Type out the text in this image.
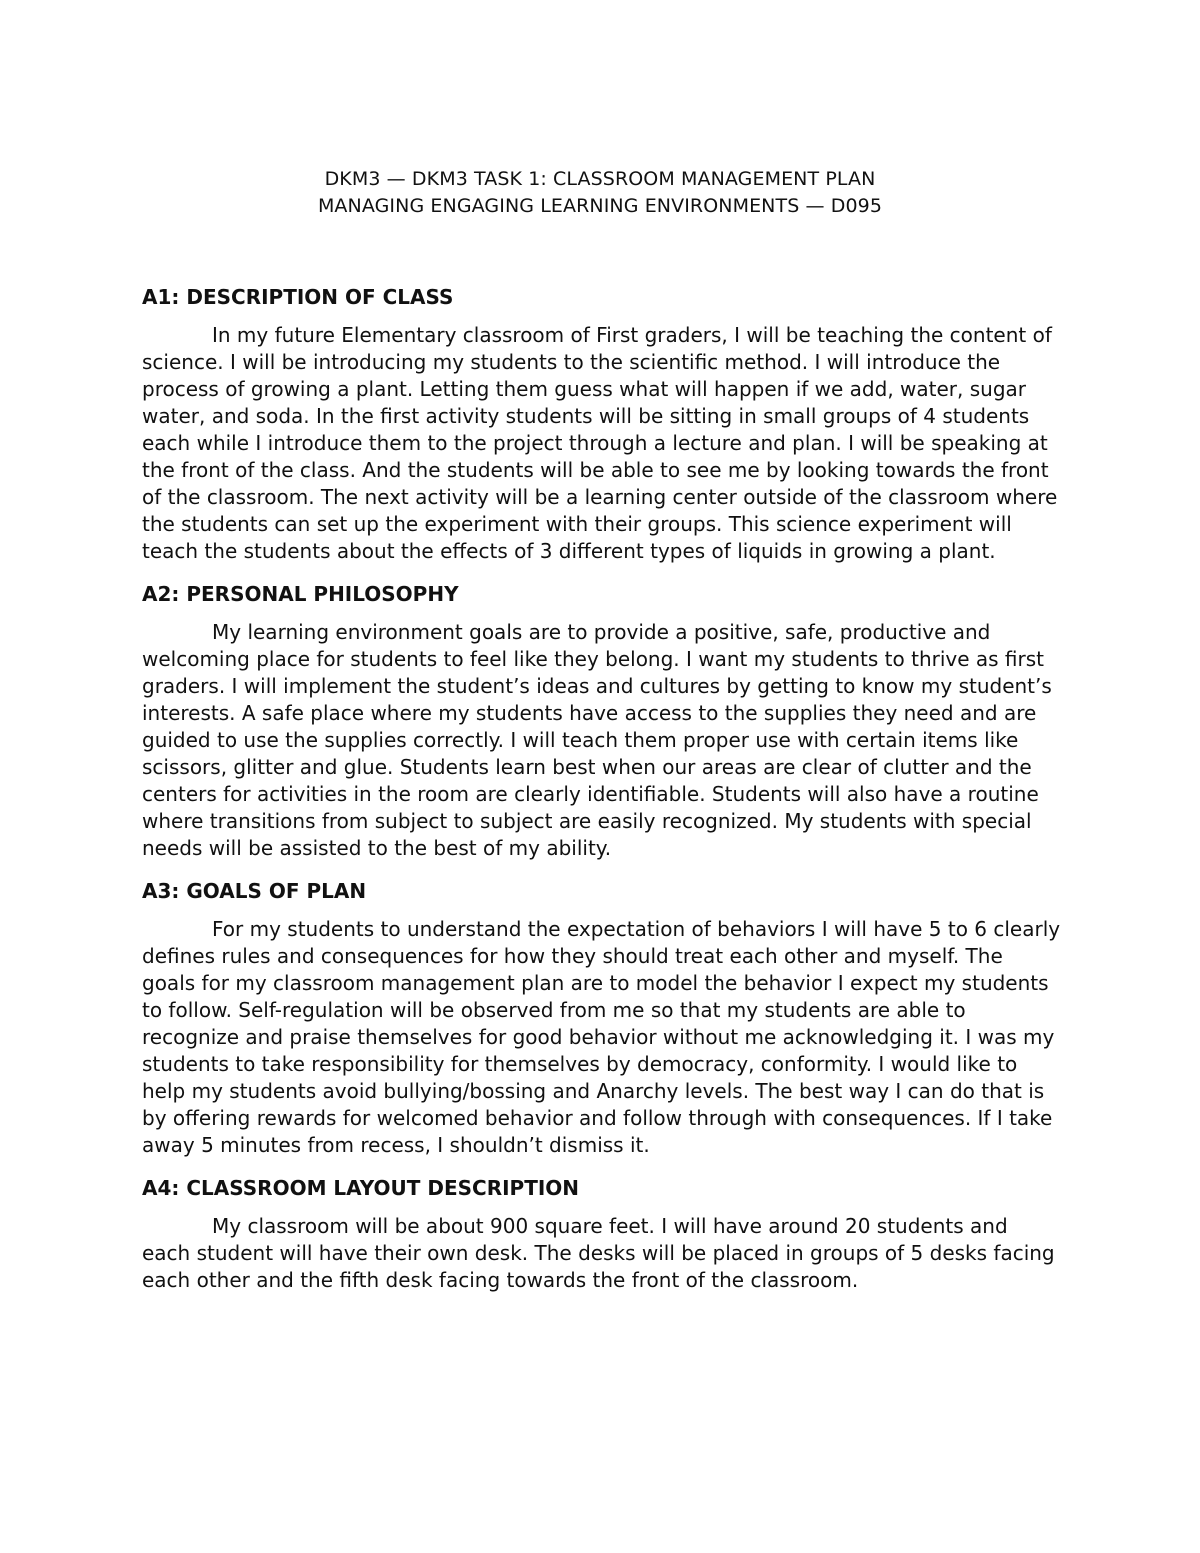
DKM3 — DKM3 TASK 1: CLASSROOM MANAGEMENT PLAN
MANAGING ENGAGING LEARNING ENVIRONMENTS — D095
A1: DESCRIPTION OF CLASS

In my future Elementary classroom of First graders, I will be teaching the content of science. I will be introducing my students to the scientific method. I will introduce the process of growing a plant. Letting them guess what will happen if we add, water, sugar water, and soda. In the first activity students will be sitting in small groups of 4 students each while I introduce them to the project through a lecture and plan. I will be speaking at the front of the class. And the students will be able to see me by looking towards the front of the classroom. The next activity will be a learning center outside of the classroom where the students can set up the experiment with their groups. This science experiment will teach the students about the effects of 3 different types of liquids in growing a plant.

A2: PERSONAL PHILOSOPHY

My learning environment goals are to provide a positive, safe, productive and welcoming place for students to feel like they belong. I want my students to thrive as first graders. I will implement the student’s ideas and cultures by getting to know my student’s interests. A safe place where my students have access to the supplies they need and are guided to use the supplies correctly. I will teach them proper use with certain items like scissors, glitter and glue. Students learn best when our areas are clear of clutter and the centers for activities in the room are clearly identifiable. Students will also have a routine where transitions from subject to subject are easily recognized. My students with special needs will be assisted to the best of my ability.

A3: GOALS OF PLAN

For my students to understand the expectation of behaviors I will have 5 to 6 clearly defines rules and consequences for how they should treat each other and myself. The goals for my classroom management plan are to model the behavior I expect my students to follow. Self-regulation will be observed from me so that my students are able to recognize and praise themselves for good behavior without me acknowledging it. I was my students to take responsibility for themselves by democracy, conformity. I would like to help my students avoid bullying/bossing and Anarchy levels. The best way I can do that is by offering rewards for welcomed behavior and follow through with consequences. If I take away 5 minutes from recess, I shouldn’t dismiss it.

A4: CLASSROOM LAYOUT DESCRIPTION

My classroom will be about 900 square feet. I will have around 20 students and each student will have their own desk. The desks will be placed in groups of 5 desks facing each other and the fifth desk facing towards the front of the classroom.
